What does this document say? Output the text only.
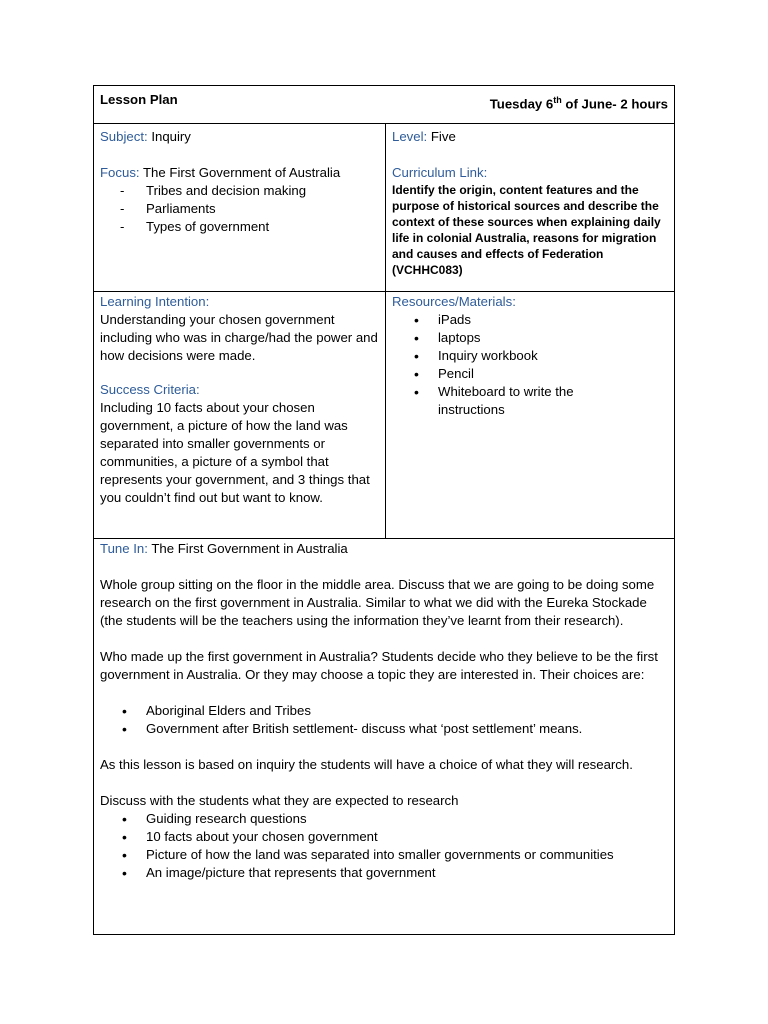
Lesson Plan	Tuesday 6th of June- 2 hours

Subject: Inquiry

Focus: The First Government of Australia

- Tribes and decision making
- Parliaments
- Types of government

Level: Five

Curriculum Link:

Identify the origin, content features and the purpose of historical sources and describe the context of these sources when explaining daily life in colonial Australia, reasons for migration and causes and effects of Federation (VCHHC083)

Learning Intention:

Understanding your chosen government including who was in charge/had the power and how decisions were made.

Success Criteria:

Including 10 facts about your chosen government, a picture of how the land was separated into smaller governments or communities, a picture of a symbol that represents your government, and 3 things that you couldn’t find out but want to know.

Resources/Materials:

• iPads
• laptops
• Inquiry workbook
• Pencil
• Whiteboard to write the instructions

Tune In: The First Government in Australia

Whole group sitting on the floor in the middle area. Discuss that we are going to be doing some research on the first government in Australia. Similar to what we did with the Eureka Stockade (the students will be the teachers using the information they’ve learnt from their research).

Who made up the first government in Australia? Students decide who they believe to be the first government in Australia. Or they may choose a topic they are interested in. Their choices are:

• Aboriginal Elders and Tribes
• Government after British settlement- discuss what ‘post settlement’ means.

As this lesson is based on inquiry the students will have a choice of what they will research.

Discuss with the students what they are expected to research

• Guiding research questions
• 10 facts about your chosen government
• Picture of how the land was separated into smaller governments or communities
• An image/picture that represents that government
